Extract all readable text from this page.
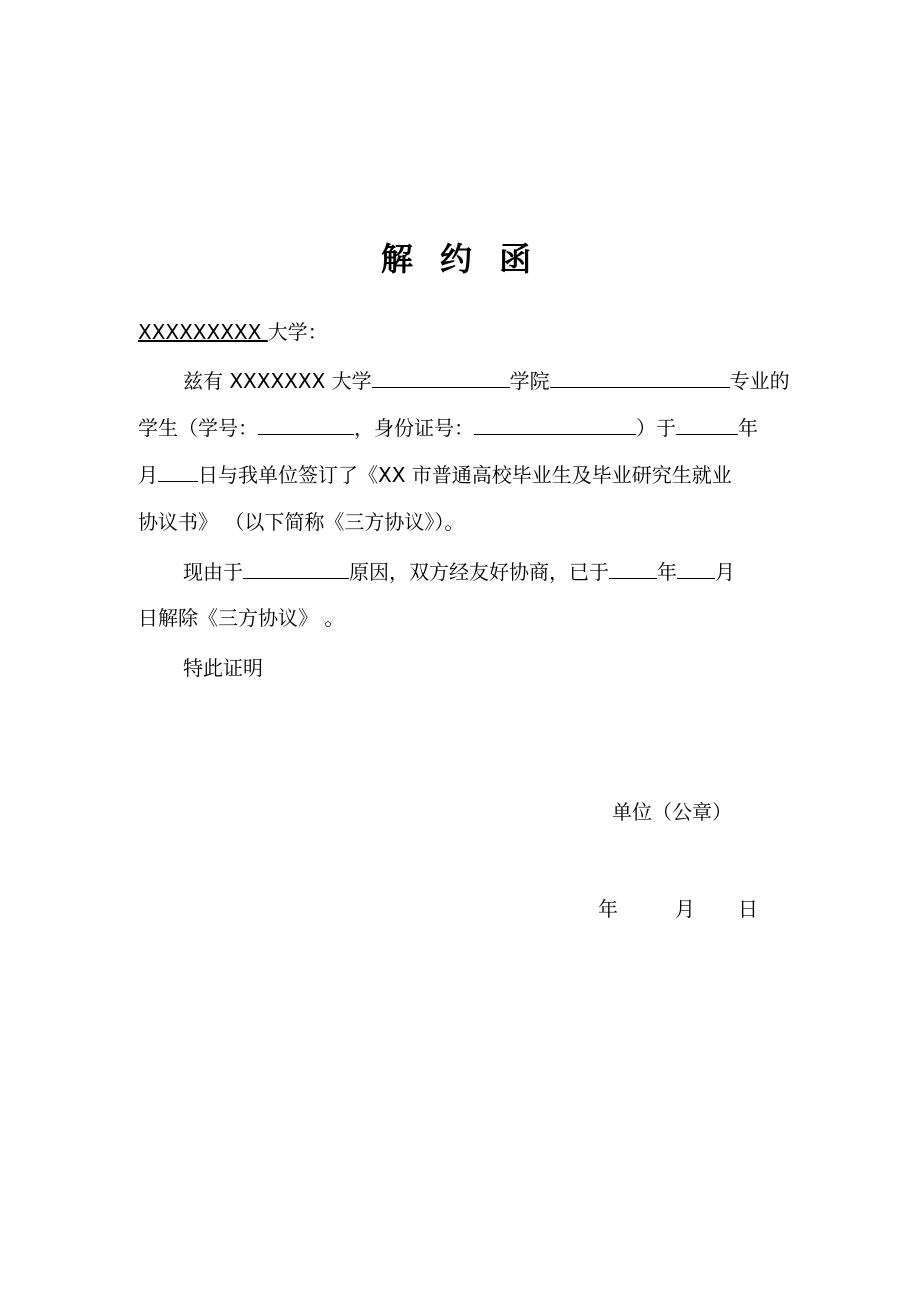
解 约 函
XXXXXXXXX 大学：
兹有 XXXXXXX 大学	学院	专业的
学生（学号：	，身份证号：	）于	年
月 日与我单位签订了《XX 市普通高校毕业生及毕业研究生就业
协议书》 （以下简称《三方协议》）。
现由于	原因，双方经友好协商，已于 年 月
日解除《三方协议》 。
特此证明
单位（公章）
年	月 日
